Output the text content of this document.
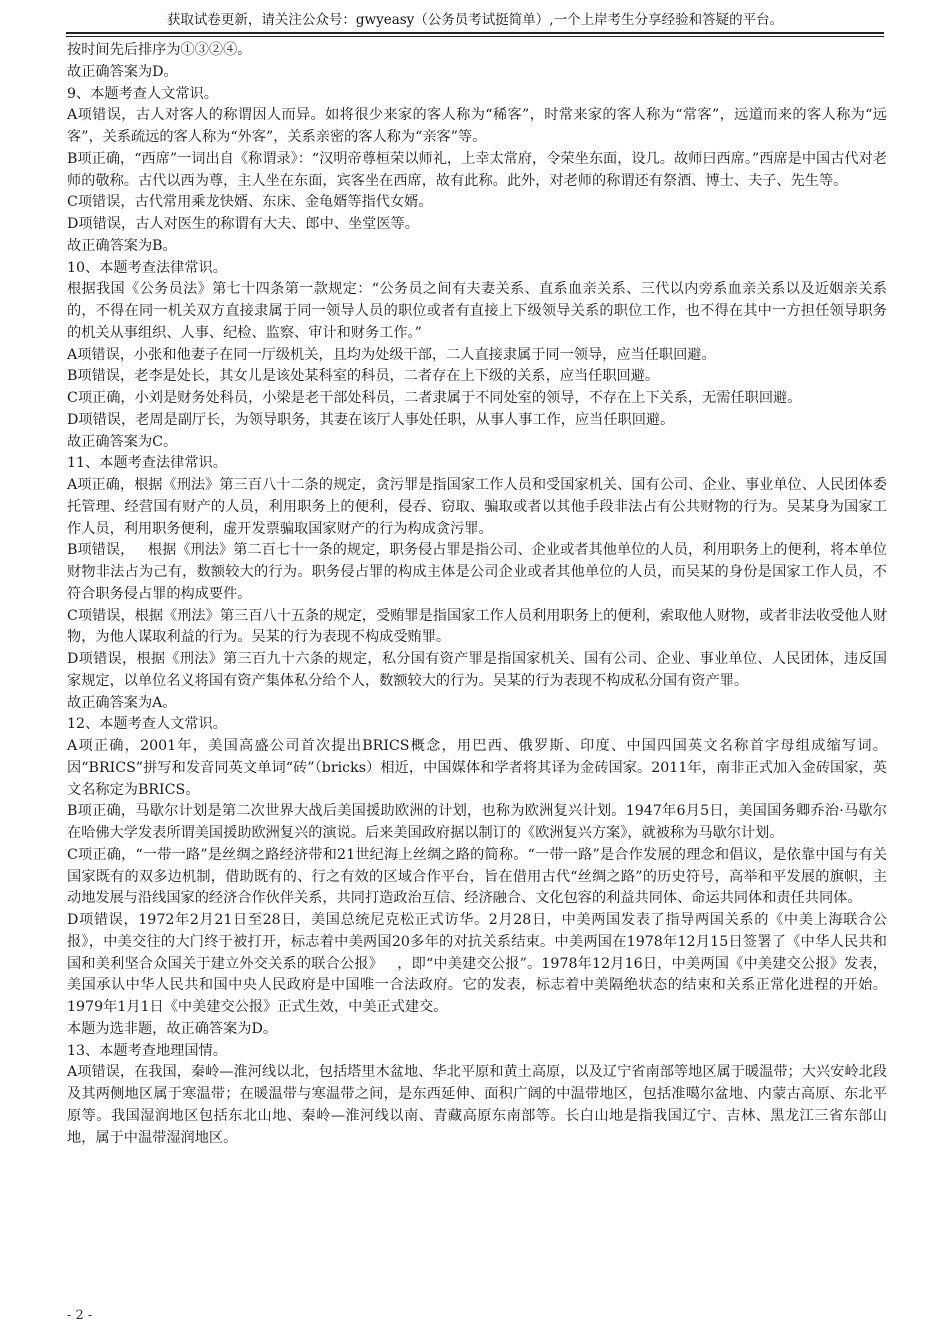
获取试卷更新，请关注公众号：gwyeasy（公务员考试挺简单）,一个上岸考生分享经验和答疑的平台。

按时间先后排序为①③②④。

故正确答案为D。

9、本题考查人文常识。

A项错误，古人对客人的称谓因人而异。如将很少来家的客人称为“稀客”，时常来家的客人称为“常客”，远道而来的客人称为“远客”，关系疏远的客人称为“外客”，关系亲密的客人称为“亲客”等。

B项正确，“西席”一词出自《称谓录》：“汉明帝尊桓荣以师礼，上幸太常府，令荣坐东面，设几。故师曰西席。”西席是中国古代对老师的敬称。古代以西为尊，主人坐在东面，宾客坐在西席，故有此称。此外，对老师的称谓还有祭酒、博士、夫子、先生等。

C项错误，古代常用乘龙快婿、东床、金龟婿等指代女婿。

D项错误，古人对医生的称谓有大夫、郎中、坐堂医等。

故正确答案为B。

10、本题考查法律常识。

根据我国《公务员法》第七十四条第一款规定：“公务员之间有夫妻关系、直系血亲关系、三代以内旁系血亲关系以及近姻亲关系的，不得在同一机关双方直接隶属于同一领导人员的职位或者有直接上下级领导关系的职位工作，也不得在其中一方担任领导职务的机关从事组织、人事、纪检、监察、审计和财务工作。”

A项错误，小张和他妻子在同一厅级机关，且均为处级干部，二人直接隶属于同一领导，应当任职回避。

B项错误，老李是处长，其女儿是该处某科室的科员，二者存在上下级的关系，应当任职回避。

C项正确，小刘是财务处科员，小梁是老干部处科员，二者隶属于不同处室的领导，不存在上下关系，无需任职回避。

D项错误，老周是副厅长，为领导职务，其妻在该厅人事处任职，从事人事工作，应当任职回避。

故正确答案为C。

11、本题考查法律常识。

A项正确，根据《刑法》第三百八十二条的规定，贪污罪是指国家工作人员和受国家机关、国有公司、企业、事业单位、人民团体委托管理、经营国有财产的人员，利用职务上的便利，侵吞、窃取、骗取或者以其他手段非法占有公共财物的行为。吴某身为国家工作人员，利用职务便利，虚开发票骗取国家财产的行为构成贪污罪。

B项错误，   根据《刑法》第二百七十一条的规定，职务侵占罪是指公司、企业或者其他单位的人员，利用职务上的便利，将本单位财物非法占为己有，数额较大的行为。职务侵占罪的构成主体是公司企业或者其他单位的人员，而吴某的身份是国家工作人员，不符合职务侵占罪的构成要件。

C项错误，根据《刑法》第三百八十五条的规定，受贿罪是指国家工作人员利用职务上的便利，索取他人财物，或者非法收受他人财物，为他人谋取利益的行为。吴某的行为表现不构成受贿罪。

D项错误，根据《刑法》第三百九十六条的规定，私分国有资产罪是指国家机关、国有公司、企业、事业单位、人民团体，违反国家规定，以单位名义将国有资产集体私分给个人，数额较大的行为。吴某的行为表现不构成私分国有资产罪。

故正确答案为A。

12、本题考查人文常识。

A项正确，2001年，美国高盛公司首次提出BRICS概念，用巴西、俄罗斯、印度、中国四国英文名称首字母组成缩写词。因“BRICS”拼写和发音同英文单词“砖”（bricks）相近，中国媒体和学者将其译为金砖国家。2011年，南非正式加入金砖国家，英文名称定为BRICS。

B项正确，马歇尔计划是第二次世界大战后美国援助欧洲的计划，也称为欧洲复兴计划。1947年6月5日，美国国务卿乔治·马歇尔在哈佛大学发表所谓美国援助欧洲复兴的演说。后来美国政府据以制订的《欧洲复兴方案》，就被称为马歇尔计划。

C项正确，“一带一路”是丝绸之路经济带和21世纪海上丝绸之路的简称。“一带一路”是合作发展的理念和倡议，是依靠中国与有关国家既有的双多边机制，借助既有的、行之有效的区域合作平台，旨在借用古代“丝绸之路”的历史符号，高举和平发展的旗帜，主动地发展与沿线国家的经济合作伙伴关系，共同打造政治互信、经济融合、文化包容的利益共同体、命运共同体和责任共同体。

D项错误，1972年2月21日至28日，美国总统尼克松正式访华。2月28日，中美两国发表了指导两国关系的《中美上海联合公报》，中美交往的大门终于被打开，标志着中美两国20多年的对抗关系结束。中美两国在1978年12月15日签署了《中华人民共和国和美利坚合众国关于建立外交关系的联合公报》   ，即“中美建交公报”。1978年12月16日，中美两国《中美建交公报》发表，美国承认中华人民共和国中央人民政府是中国唯一合法政府。它的发表，标志着中美隔绝状态的结束和关系正常化进程的开始。1979年1月1日《中美建交公报》正式生效，中美正式建交。

本题为选非题，故正确答案为D。

13、本题考查地理国情。

A项错误，在我国，秦岭—淮河线以北，包括塔里木盆地、华北平原和黄土高原，以及辽宁省南部等地区属于暖温带；大兴安岭北段及其两侧地区属于寒温带；在暖温带与寒温带之间，是东西延伸、面积广阔的中温带地区，包括准噶尔盆地、内蒙古高原、东北平原等。我国湿润地区包括东北山地、秦岭—淮河线以南、青藏高原东南部等。长白山地是指我国辽宁、吉林、黑龙江三省东部山地，属于中温带湿润地区。

- 2 -
